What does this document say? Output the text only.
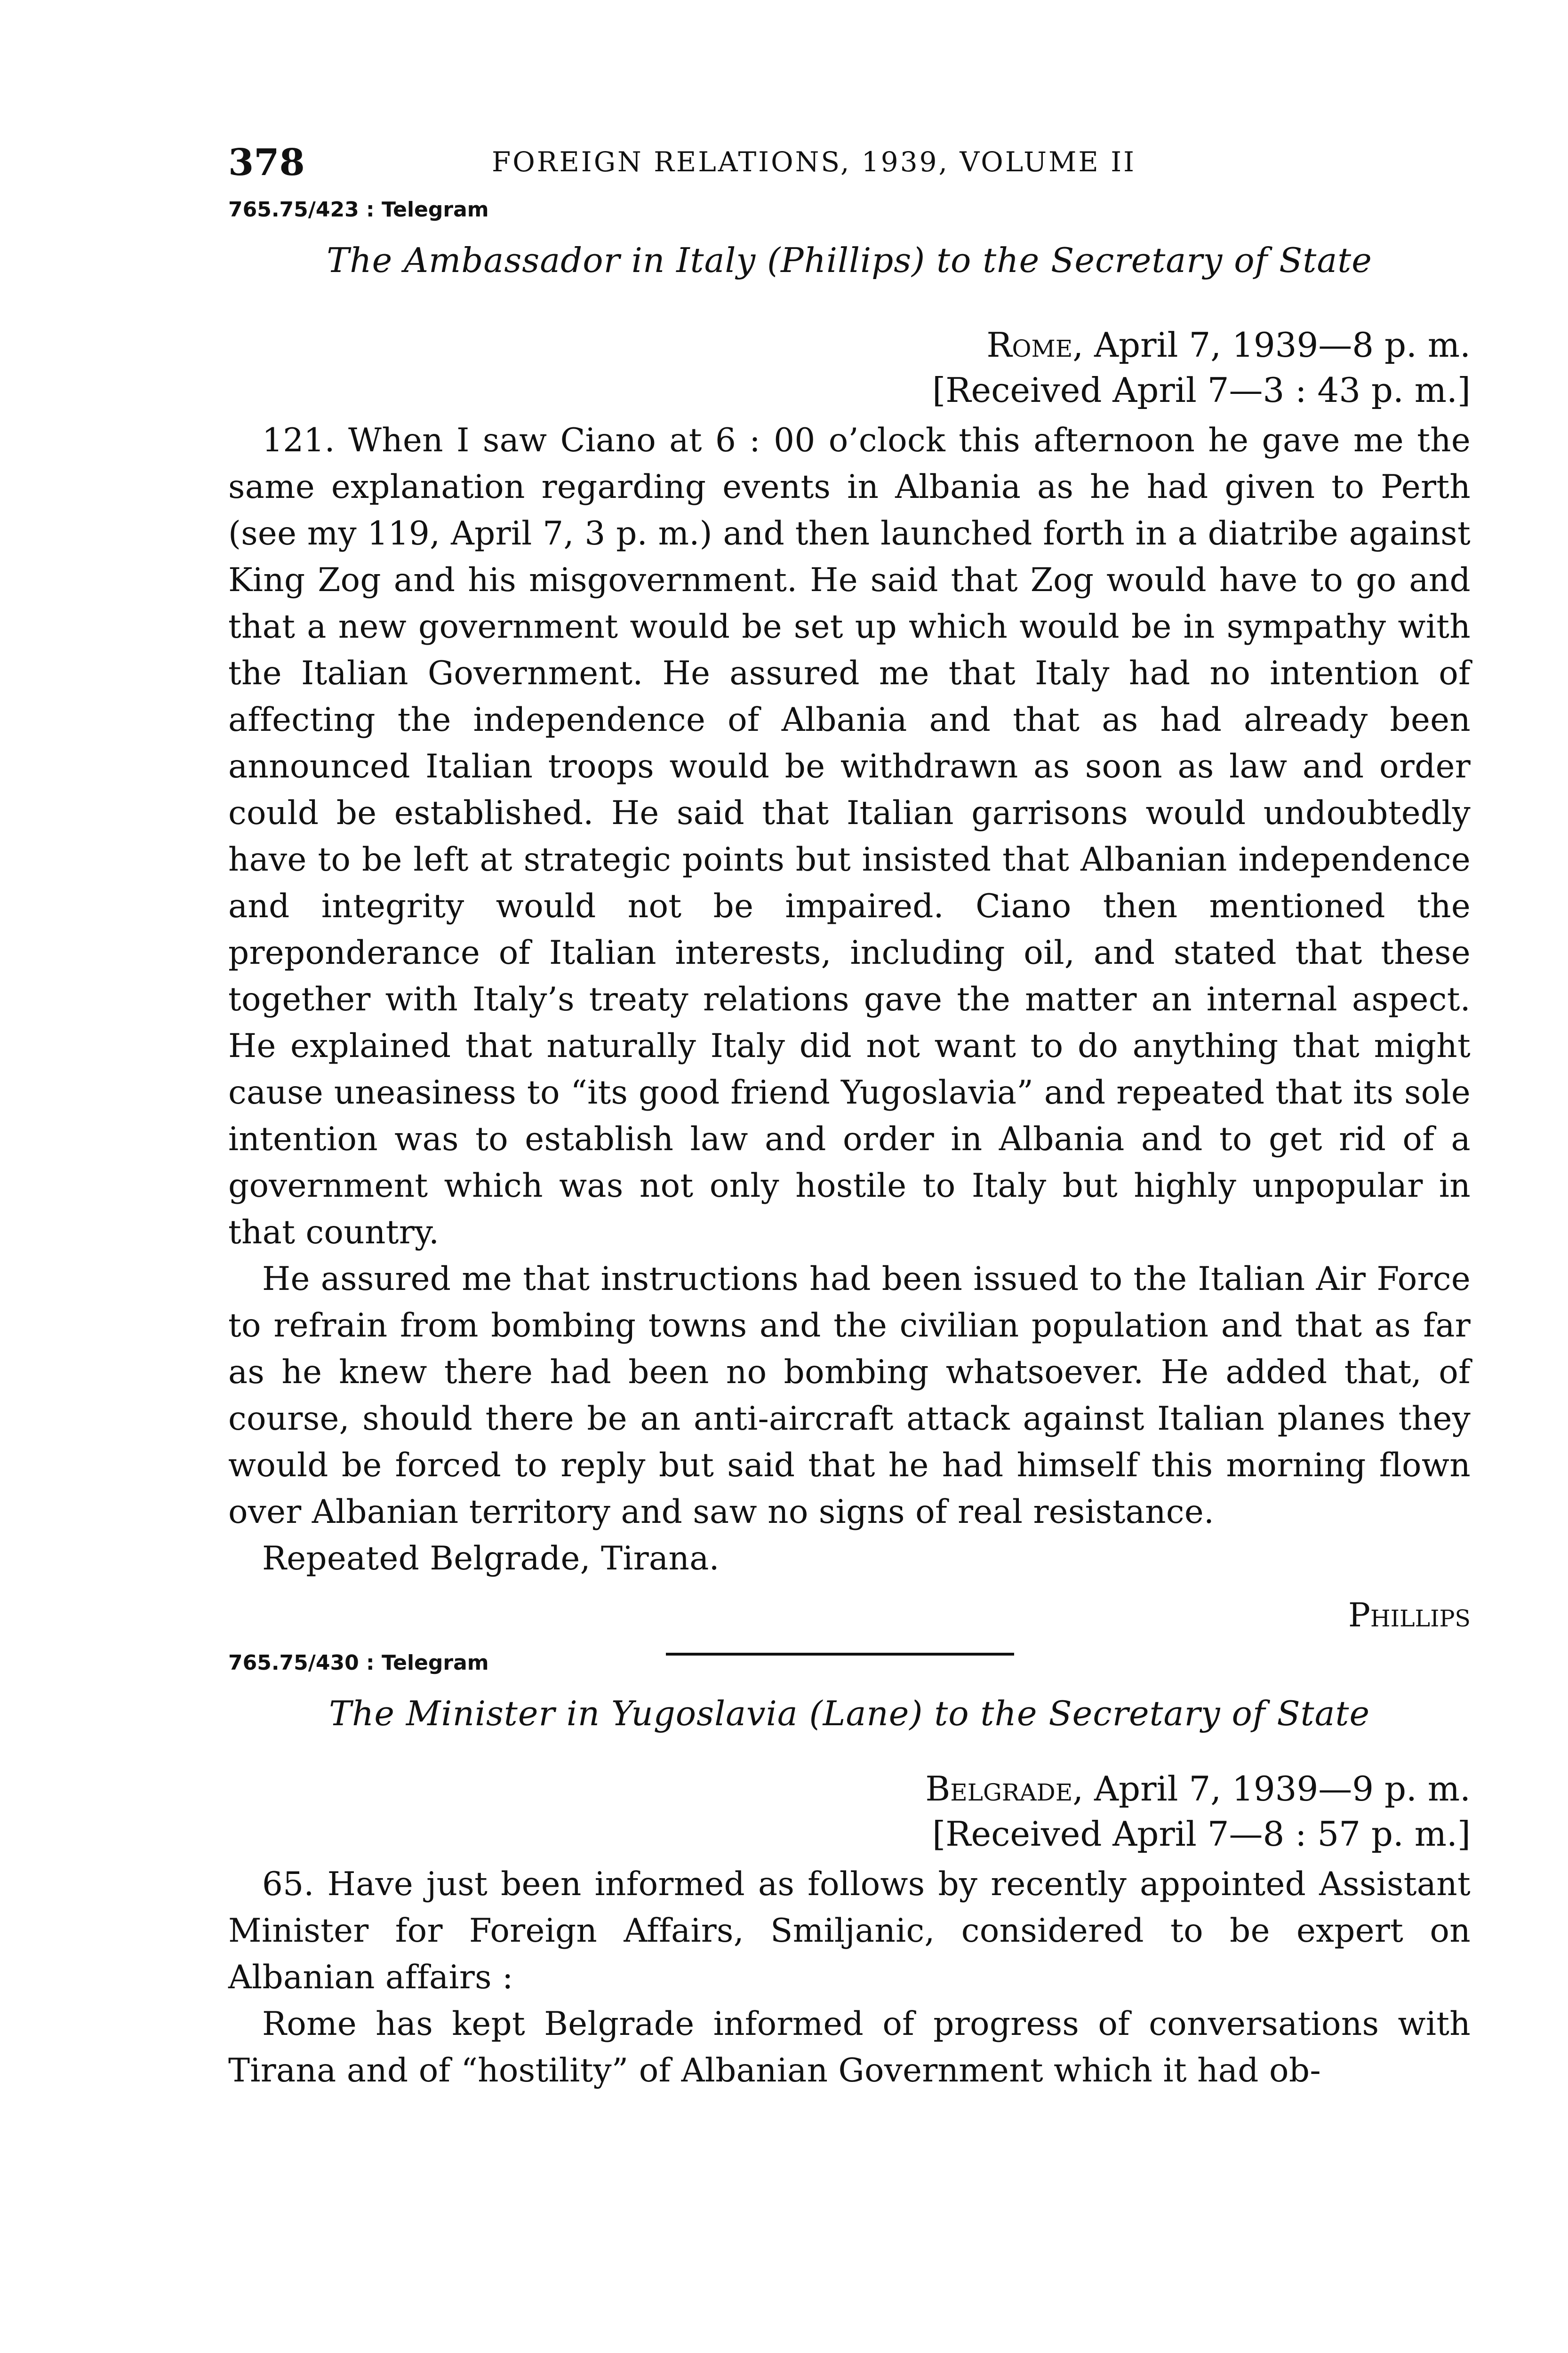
378	FOREIGN RELATIONS, 1939, VOLUME II
765.75/423 : Telegram
The Ambassador in Italy (Phillips) to the Secretary of State
Rome, April 7, 1939—8 p. m.
[Received April 7—3 : 43 p. m.]

121. When I saw Ciano at 6 : 00 o’clock this afternoon he gave me the same explanation regarding events in Albania as he had given to Perth (see my 119, April 7, 3 p. m.) and then launched forth in a diatribe against King Zog and his misgovernment. He said that Zog would have to go and that a new government would be set up which would be in sympathy with the Italian Government. He assured me that Italy had no intention of affecting the independence of Albania and that as had already been announced Italian troops would be withdrawn as soon as law and order could be established. He said that Italian garrisons would undoubtedly have to be left at strategic points but insisted that Albanian independence and integrity would not be impaired. Ciano then mentioned the preponderance of Italian interests, including oil, and stated that these together with Italy’s treaty relations gave the matter an internal aspect. He explained that naturally Italy did not want to do anything that might cause uneasiness to “its good friend Yugoslavia” and repeated that its sole intention was to establish law and order in Albania and to get rid of a government which was not only hostile to Italy but highly unpopular in that country.

He assured me that instructions had been issued to the Italian Air Force to refrain from bombing towns and the civilian population and that as far as he knew there had been no bombing whatsoever. He added that, of course, should there be an anti-aircraft attack against Italian planes they would be forced to reply but said that he had himself this morning flown over Albanian territory and saw no signs of real resistance.

Repeated Belgrade, Tirana.

Phillips
765.75/430 : Telegram
The Minister in Yugoslavia (Lane) to the Secretary of State
Belgrade, April 7, 1939—9 p. m.
[Received April 7—8 : 57 p. m.]

65. Have just been informed as follows by recently appointed Assistant Minister for Foreign Affairs, Smiljanic, considered to be expert on Albanian affairs :

Rome has kept Belgrade informed of progress of conversations with Tirana and of “hostility” of Albanian Government which it had ob-
